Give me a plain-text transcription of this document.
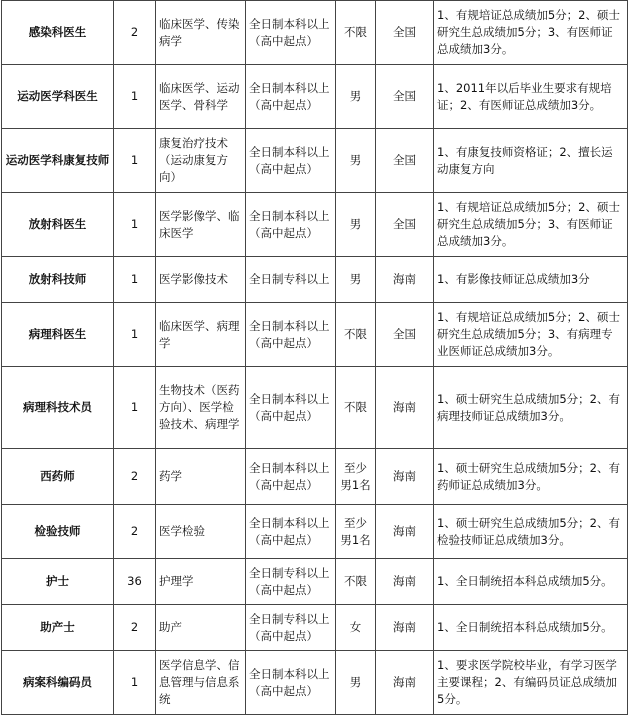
感染科医生	2	临床医学、传染病学	全日制本科以上（高中起点）	不限	全国	1、有规培证总成绩加5分；2、硕士研究生总成绩加5分；3、有医师证总成绩加3分。
运动医学科医生	1	临床医学、运动医学、骨科学	全日制本科以上（高中起点）	男	全国	1、2011年以后毕业生要求有规培证；2、有医师证总成绩加3分。
运动医学科康复技师	1	康复治疗技术（运动康复方向）	全日制本科以上（高中起点）	男	全国	1、有康复技师资格证；2、擅长运动康复方向
放射科医生	1	医学影像学、临床医学	全日制本科以上（高中起点）	男	全国	1、有规培证总成绩加5分；2、硕士研究生总成绩加5分；3、有医师证总成绩加3分。
放射科技师	1	医学影像技术	全日制专科以上	男	海南	1、有影像技师证总成绩加3分
病理科医生	1	临床医学、病理学	全日制本科以上（高中起点）	不限	全国	1、有规培证总成绩加5分；2、硕士研究生总成绩加5分；3、有病理专业医师证总成绩加3分。
病理科技术员	1	生物技术（医药方向）、医学检验技术、病理学	全日制本科以上（高中起点）	不限	海南	1、硕士研究生总成绩加5分；2、有病理技师证总成绩加3分。
西药师	2	药学	全日制本科以上（高中起点）	至少男1名	海南	1、硕士研究生总成绩加5分；2、有药师证总成绩加3分。
检验技师	2	医学检验	全日制本科以上（高中起点）	至少男1名	海南	1、硕士研究生总成绩加5分；2、有检验技师证总成绩加3分。
护士	36	护理学	全日制专科以上（高中起点）	不限	海南	1、全日制统招本科总成绩加5分。
助产士	2	助产	全日制专科以上（高中起点）	女	海南	1、全日制统招本科总成绩加5分。
病案科编码员	1	医学信息学、信息管理与信息系统	全日制本科以上（高中起点）	男	海南	1、要求医学院校毕业，有学习医学主要课程；2、有编码员证总成绩加5分。
